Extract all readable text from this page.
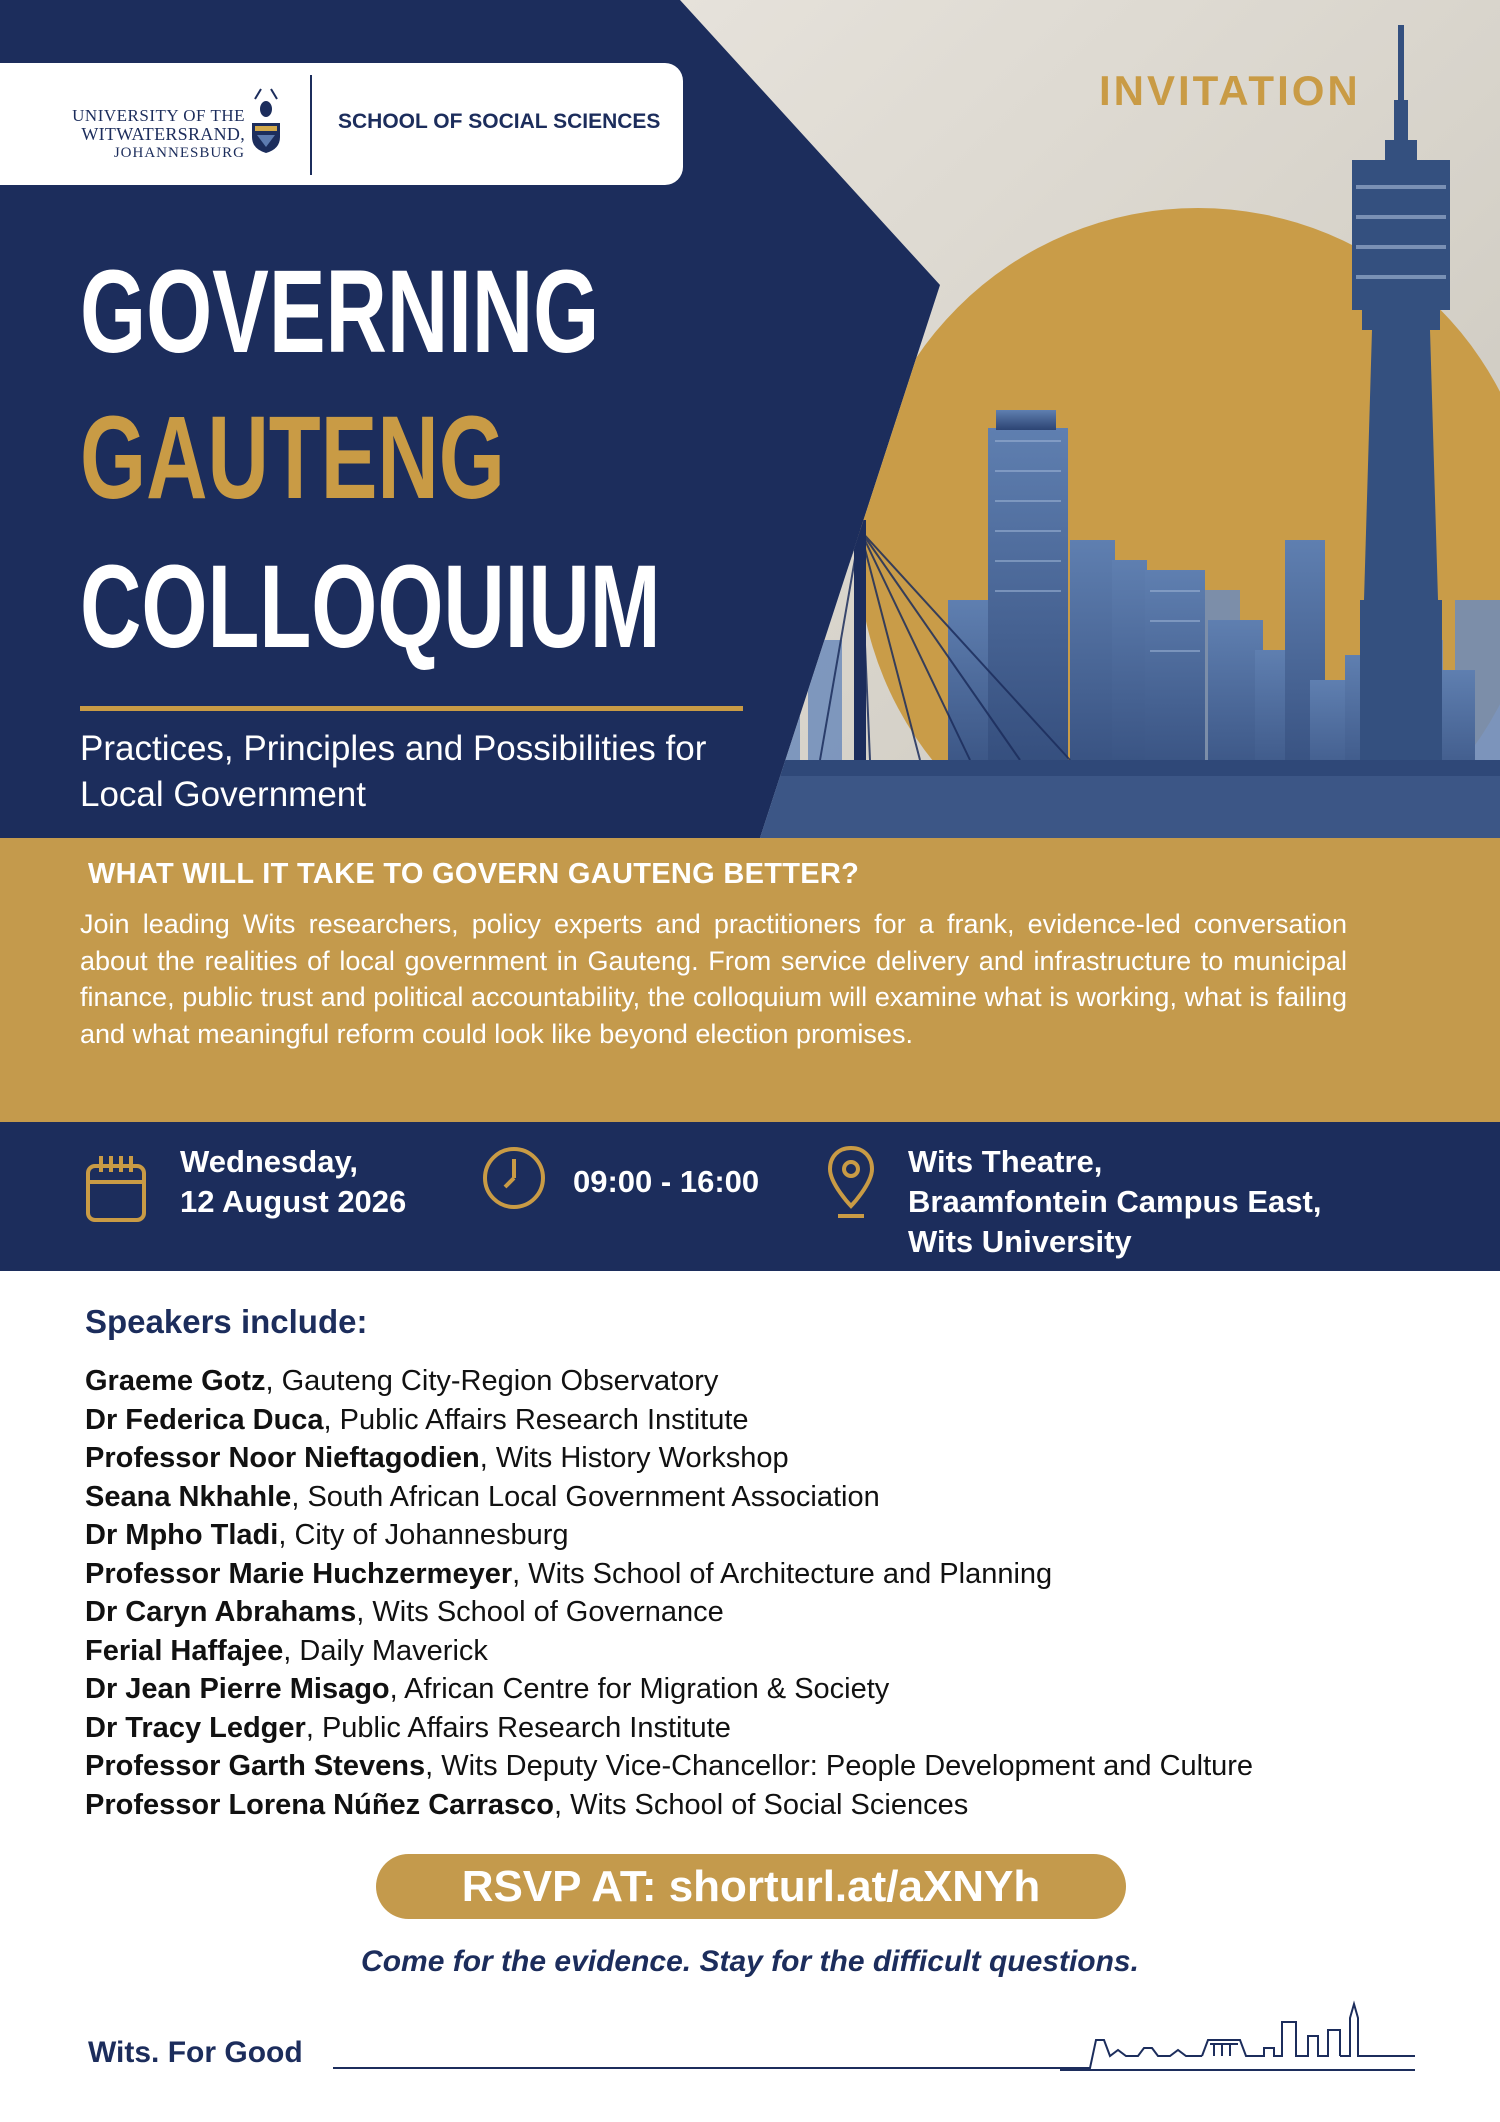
UNIVERSITY OF THE
WITWATERSRAND,
JOHANNESBURG
SCHOOL OF SOCIAL SCIENCES
INVITATION
GOVERNING
GAUTENG
COLLOQUIUM
Practices, Principles and Possibilities for Local Government
WHAT WILL IT TAKE TO GOVERN GAUTENG BETTER?
Join leading Wits researchers, policy experts and practitioners for a frank, evidence-led conversation about the realities of local government in Gauteng. From service delivery and infrastructure to municipal finance, public trust and political accountability, the colloquium will examine what is working, what is failing and what meaningful reform could look like beyond election promises.
Wednesday,
12 August 2026
09:00 - 16:00
Wits Theatre,
Braamfontein Campus East,
Wits University
Speakers include:
Graeme Gotz, Gauteng City-Region Observatory
Dr Federica Duca, Public Affairs Research Institute
Professor Noor Nieftagodien, Wits History Workshop
Seana Nkhahle, South African Local Government Association
Dr Mpho Tladi, City of Johannesburg
Professor Marie Huchzermeyer, Wits School of Architecture and Planning
Dr Caryn Abrahams, Wits School of Governance
Ferial Haffajee, Daily Maverick
Dr Jean Pierre Misago, African Centre for Migration & Society
Dr Tracy Ledger, Public Affairs Research Institute
Professor Garth Stevens, Wits Deputy Vice-Chancellor: People Development and Culture
Professor Lorena Núñez Carrasco, Wits School of Social Sciences
RSVP AT: shorturl.at/aXNYh
Come for the evidence. Stay for the difficult questions.
Wits. For Good
